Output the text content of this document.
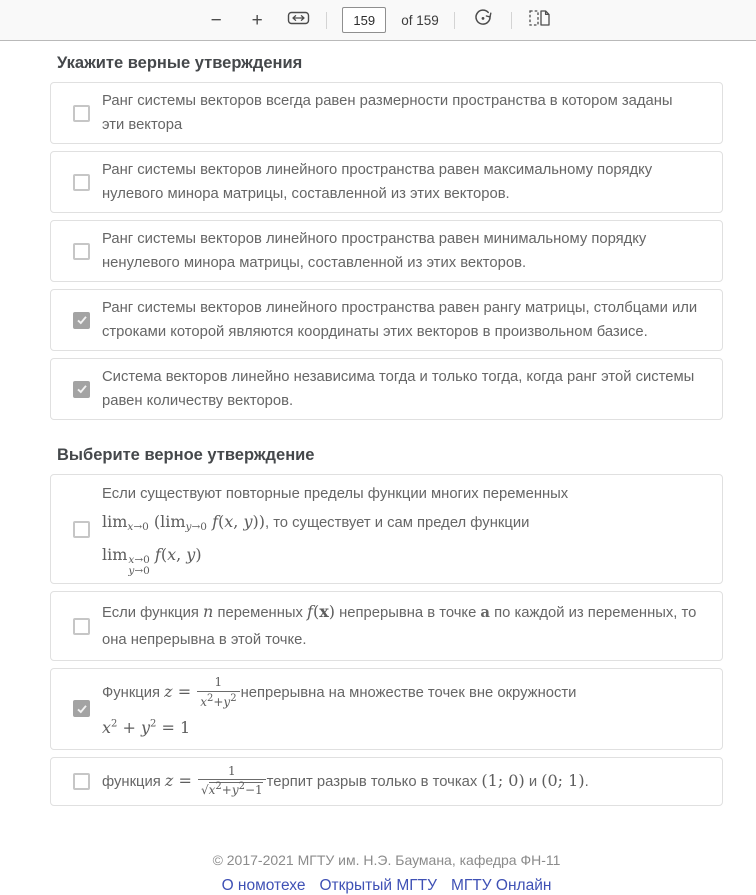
−	+
159	of 159
Укажите верные утверждения
Ранг системы векторов всегда равен размерности пространства в котором заданы эти вектора
Ранг системы векторов линейного пространства равен максимальному порядку нулевого минора матрицы, составленной из этих векторов.
Ранг системы векторов линейного пространства равен минимальному порядку ненулевого минора матрицы, составленной из этих векторов.
Ранг системы векторов линейного пространства равен рангу матрицы, столбцами или строками которой являются координаты этих векторов в произвольном базисе.
Система векторов линейно независима тогда и только тогда, когда ранг этой системы равен количеству векторов.
Выберите верное утверждение
Если существуют повторные пределы функции многих переменных
limx→0 (limy→0 f(x, y)), то существует и сам предел функции
lim x→0
y→0
f(x, y)
Если функция n переменных f(x) непрерывна в точке a по каждой из переменных, то она непрерывна в этой точке.
Функция $z = \frac{1}{x^2+y^2}$ непрерывна на множестве точек вне окружности
$x^2 + y^2 = 1$
функция $z = \frac{1}{√x^2+y^2-1}$ терпит разрыв только в точках (1; 0) и (0; 1).
© 2017-2021 МГТУ им. Н.Э. Баумана, кафедра ФН-11
О номотехе Открытый МГТУ МГТУ Онлайн
